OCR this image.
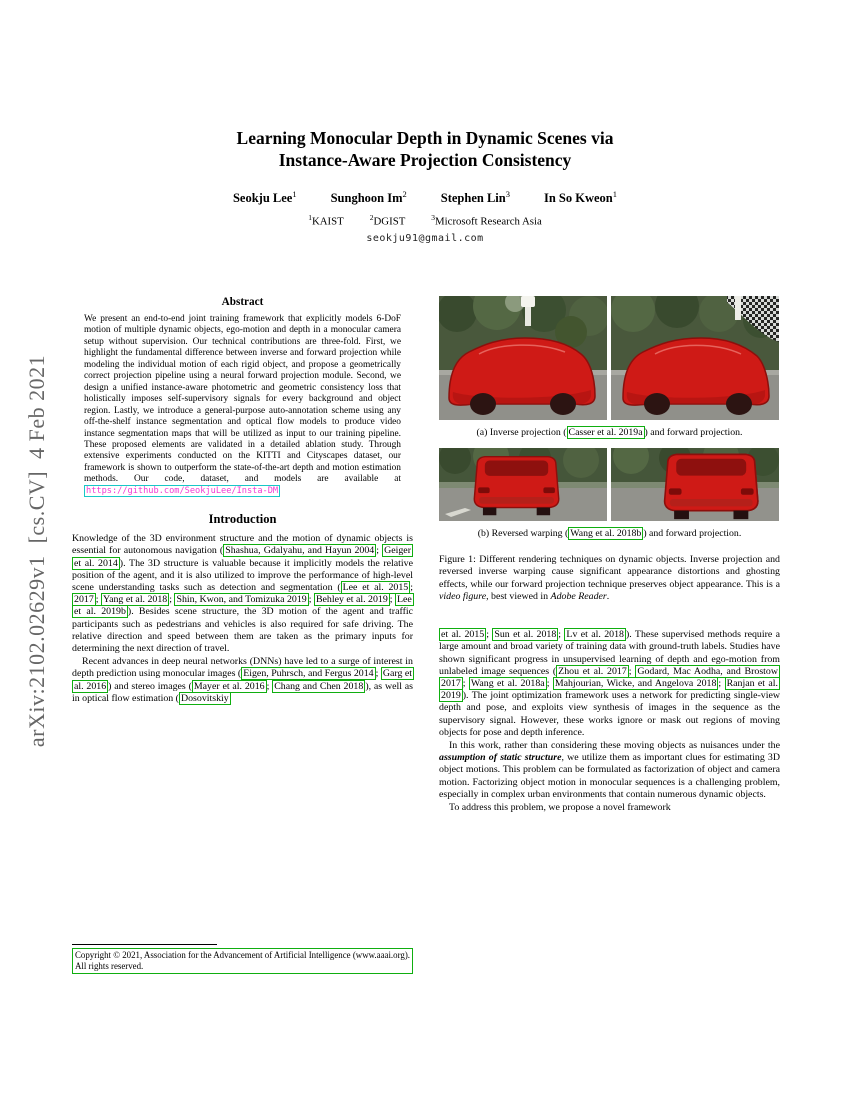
arXiv:2102.02629v1  [cs.CV]  4 Feb 2021
Learning Monocular Depth in Dynamic Scenes via
Instance-Aware Projection Consistency
Seokju Lee$^1$	Sunghoon Im$^2$	Stephen Lin$^3$	In So Kweon$^1$
$^1$KAIST	$^2$DGIST	$^3$Microsoft Research Asia
seokju91@gmail.com
Abstract
We present an end-to-end joint training framework that explicitly models 6-DoF motion of multiple dynamic objects, ego-motion and depth in a monocular camera setup without supervision. Our technical contributions are three-fold. First, we highlight the fundamental difference between inverse and forward projection while modeling the individual motion of each rigid object, and propose a geometrically correct projection pipeline using a neural forward projection module. Second, we design a unified instance-aware photometric and geometric consistency loss that holistically imposes self-supervisory signals for every background and object region. Lastly, we introduce a general-purpose auto-annotation scheme using any off-the-shelf instance segmentation and optical flow models to produce video instance segmentation maps that will be utilized as input to our training pipeline. These proposed elements are validated in a detailed ablation study. Through extensive experiments conducted on the KITTI and Cityscapes dataset, our framework is shown to outperform the state-of-the-art depth and motion estimation methods. Our code, dataset, and models are available at https://github.com/SeokjuLee/Insta-DM
Introduction
Knowledge of the 3D environment structure and the motion of dynamic objects is essential for autonomous navigation ( Shashua, Gdalyahu, and Hayun 2004 ; Geiger et al. 2014 ). The 3D structure is valuable because it implicitly models the relative position of the agent, and it is also utilized to improve the performance of high-level scene understanding tasks such as detection and segmentation ( Lee et al. 2015 ; 2017 ; Yang et al. 2018 ; Shin, Kwon, and Tomizuka 2019 ; Behley et al. 2019 ; Lee et al. 2019b ). Besides scene structure, the 3D motion of the agent and traffic participants such as pedestrians and vehicles is also required for safe driving. The relative direction and speed between them are taken as the primary inputs for determining the next direction of travel.
Recent advances in deep neural networks (DNNs) have led to a surge of interest in depth prediction using monocular images ( Eigen, Puhrsch, and Fergus 2014 ; Garg et al. 2016 ) and stereo images ( Mayer et al. 2016 ; Chang and Chen 2018 ), as well as in optical flow estimation ( Dosovitskiy
(a) Inverse projection ( Casser et al. 2019a ) and forward projection.
(b) Reversed warping ( Wang et al. 2018b ) and forward projection.
Figure 1: Different rendering techniques on dynamic objects. Inverse projection and reversed inverse warping cause significant appearance distortions and ghosting effects, while our forward projection technique preserves object appearance. This is a video figure, best viewed in Adobe Reader.
et al. 2015 ; Sun et al. 2018 ; Lv et al. 2018 ). These supervised methods require a large amount and broad variety of training data with ground-truth labels. Studies have shown significant progress in unsupervised learning of depth and ego-motion from unlabeled image sequences ( Zhou et al. 2017 ; Godard, Mac Aodha, and Brostow 2017 ; Wang et al. 2018a ; Mahjourian, Wicke, and Angelova 2018 ; Ranjan et al. 2019 ). The joint optimization framework uses a network for predicting single-view depth and pose, and exploits view synthesis of images in the sequence as the supervisory signal. However, these works ignore or mask out regions of moving objects for pose and depth inference.
In this work, rather than considering these moving objects as nuisances under the assumption of static structure, we utilize them as important clues for estimating 3D object motions. This problem can be formulated as factorization of object and camera motion. Factorizing object motion in monocular sequences is a challenging problem, especially in complex urban environments that contain numerous dynamic objects.
To address this problem, we propose a novel framework
Copyright © 2021, Association for the Advancement of Artificial Intelligence (www.aaai.org). All rights reserved.
